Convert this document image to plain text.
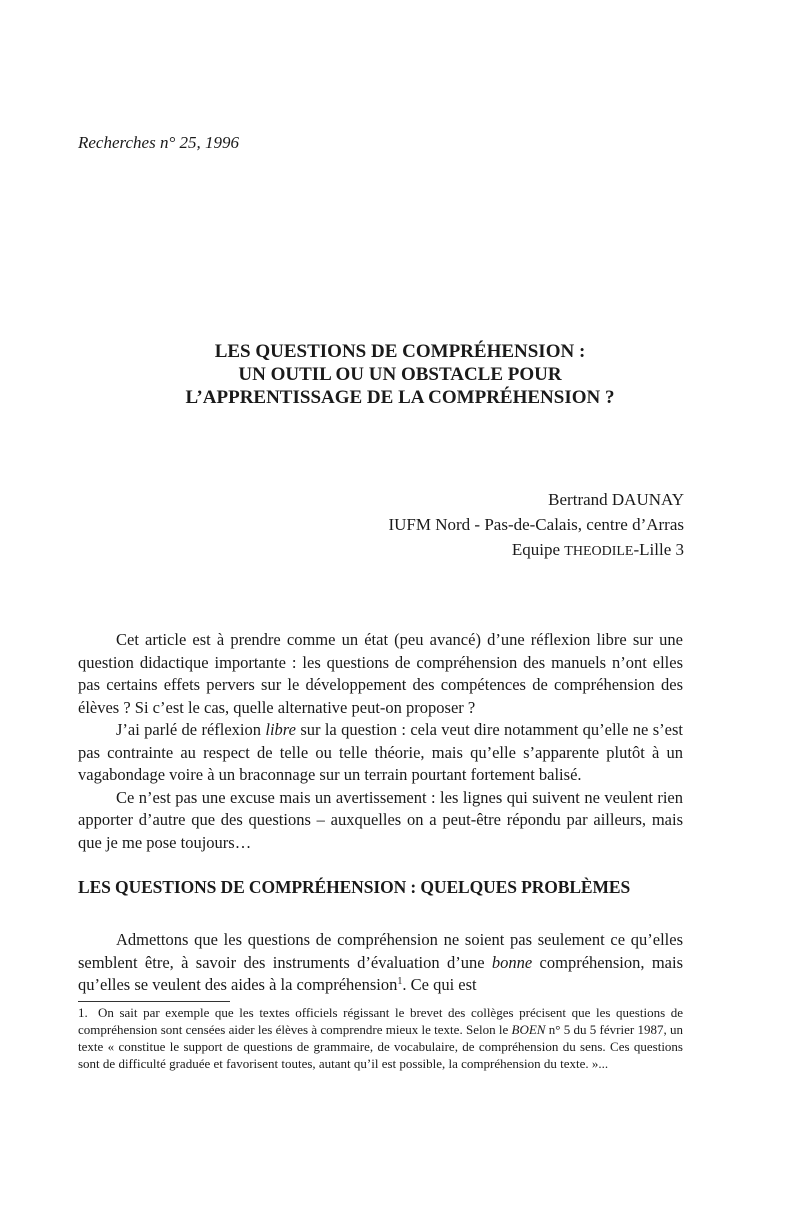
Recherches n° 25, 1996
LES QUESTIONS DE COMPRÉHENSION :
UN OUTIL OU UN OBSTACLE POUR
L’APPRENTISSAGE DE LA COMPRÉHENSION ?
Bertrand DAUNAY
IUFM Nord - Pas-de-Calais, centre d’Arras
Equipe THEODILE-Lille 3

Cet article est à prendre comme un état (peu avancé) d’une réflexion libre sur une question didactique importante : les questions de compréhension des manuels n’ont elles pas certains effets pervers sur le développement des compétences de compréhension des élèves ? Si c’est le cas, quelle alternative peut-on proposer ?

J’ai parlé de réflexion libre sur la question : cela veut dire notamment qu’elle ne s’est pas contrainte au respect de telle ou telle théorie, mais qu’elle s’apparente plutôt à un vagabondage voire à un braconnage sur un terrain pourtant fortement balisé.

Ce n’est pas une excuse mais un avertissement : les lignes qui suivent ne veulent rien apporter d’autre que des questions – auxquelles on a peut-être répondu par ailleurs, mais que je me pose toujours…

LES QUESTIONS DE COMPRÉHENSION : QUELQUES PROBLÈMES

Admettons que les questions de compréhension ne soient pas seulement ce qu’elles semblent être, à savoir des instruments d’évaluation d’une bonne compréhension, mais qu’elles se veulent des aides à la compréhension$^1$. Ce qui est

1. On sait par exemple que les textes officiels régissant le brevet des collèges précisent que les questions de compréhension sont censées aider les élèves à comprendre mieux le texte. Selon le BOEN n° 5 du 5 février 1987, un texte « constitue le support de questions de grammaire, de vocabulaire, de compréhension du sens. Ces questions sont de difficulté graduée et favorisent toutes, autant qu’il est possible, la compréhension du texte. »...
